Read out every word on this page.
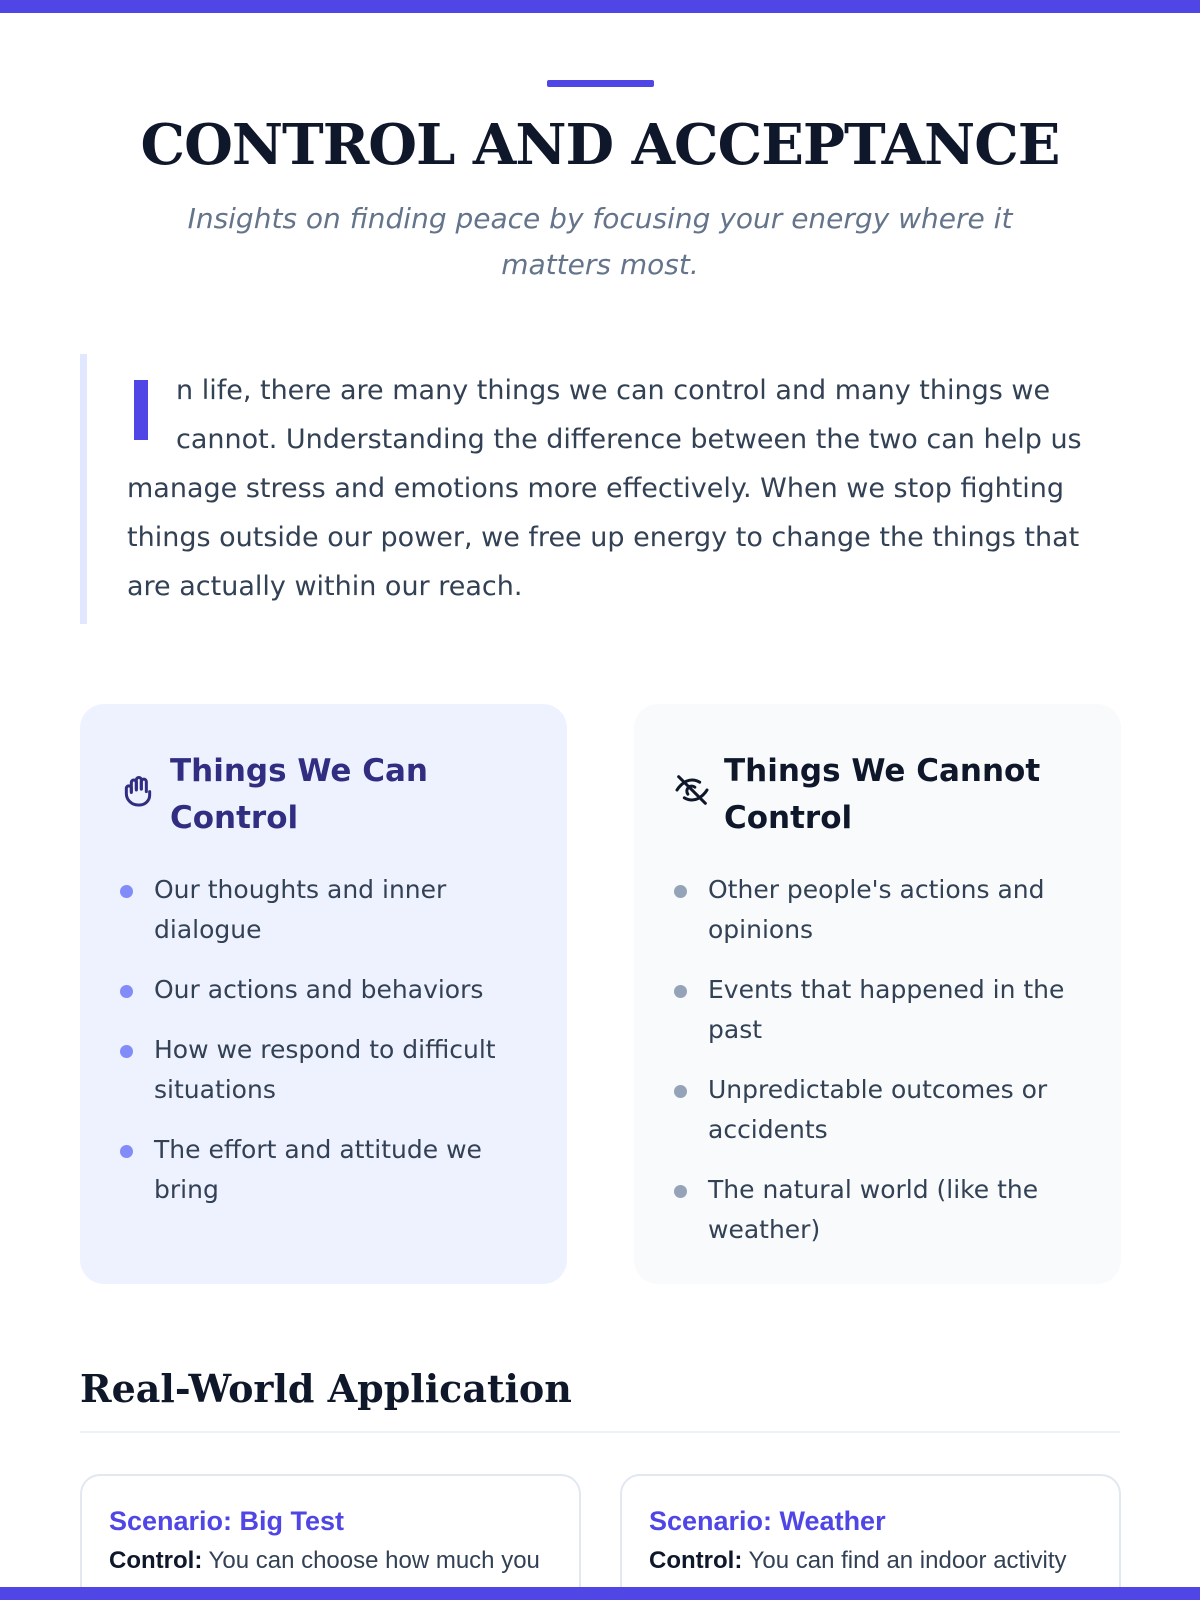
CONTROL AND ACCEPTANCE

Insights on finding peace by focusing your energy where it matters most.

n life, there are many things we can control and many things we cannot. Understanding the difference between the two can help us manage stress and emotions more effectively. When we stop fighting things outside our power, we free up energy to change the things that are actually within our reach.

Things We Can Control
Our thoughts and inner dialogue
Our actions and behaviors
How we respond to difficult situations
The effort and attitude we bring
Things We Cannot Control
Other people's actions and opinions
Events that happened in the past
Unpredictable outcomes or accidents
The natural world (like the weather)
Real-World Application
Scenario: Big Test

Control: You can choose how much you

Scenario: Weather

Control: You can find an indoor activity
